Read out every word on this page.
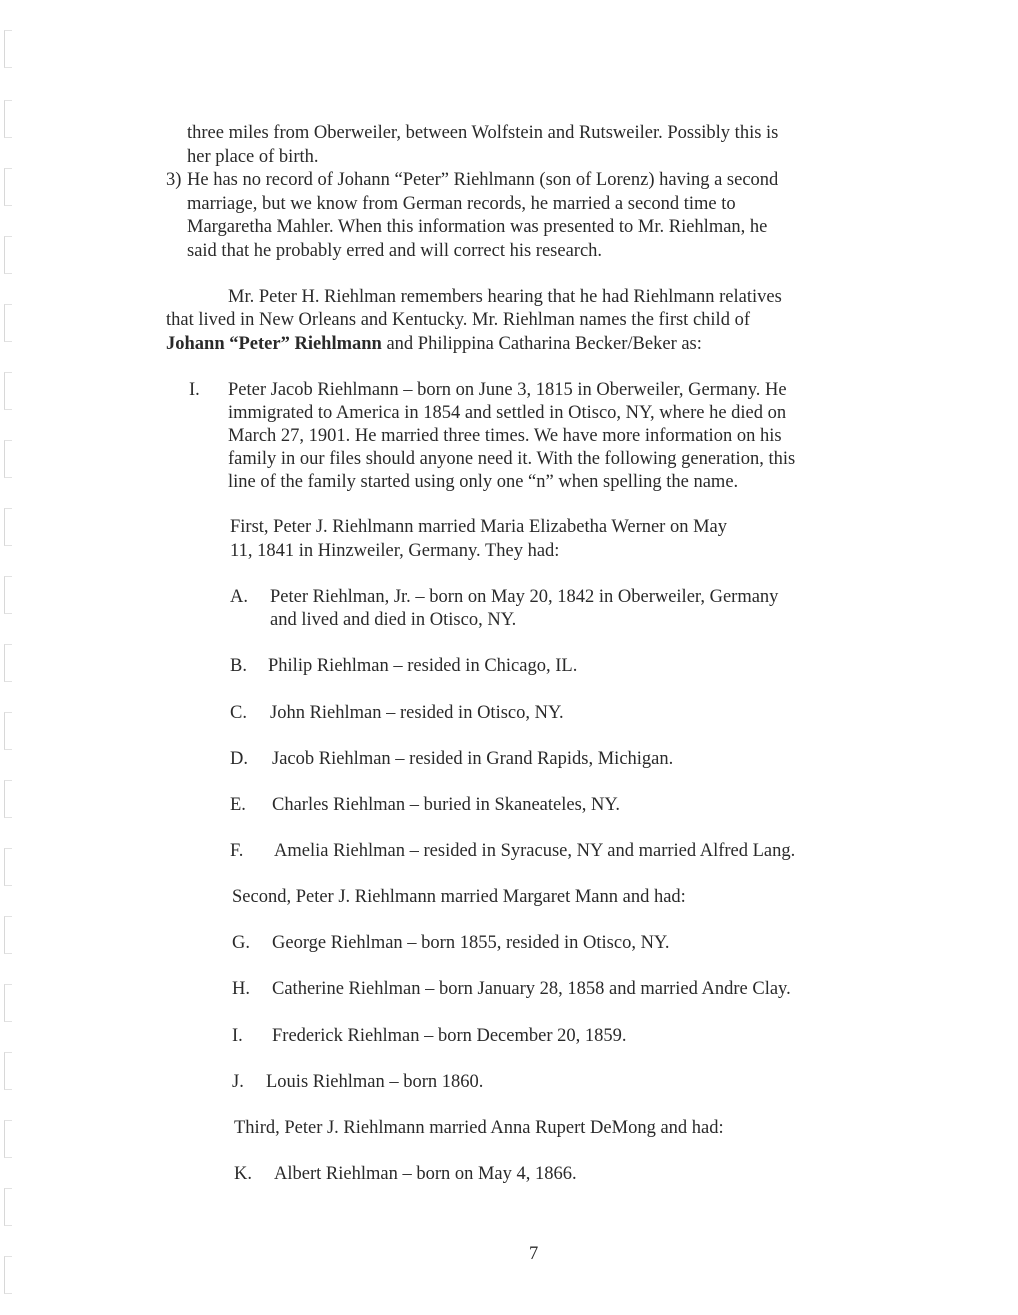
three miles from Oberweiler, between Wolfstein and Rutsweiler. Possibly this is
her place of birth.
3) He has no record of Johann “Peter” Riehlmann (son of Lorenz) having a second
marriage, but we know from German records, he married a second time to
Margaretha Mahler. When this information was presented to Mr. Riehlman, he
said that he probably erred and will correct his research.
Mr. Peter H. Riehlman remembers hearing that he had Riehlmann relatives
that lived in New Orleans and Kentucky. Mr. Riehlman names the first child of
Johann “Peter” Riehlmann and Philippina Catharina Becker/Beker as:
I. Peter Jacob Riehlmann – born on June 3, 1815 in Oberweiler, Germany. He
immigrated to America in 1854 and settled in Otisco, NY, where he died on
March 27, 1901. He married three times. We have more information on his
family in our files should anyone need it. With the following generation, this
line of the family started using only one “n” when spelling the name.
First, Peter J. Riehlmann married Maria Elizabetha Werner on May
11, 1841 in Hinzweiler, Germany. They had:
A. Peter Riehlman, Jr. – born on May 20, 1842 in Oberweiler, Germany
and lived and died in Otisco, NY.
B. Philip Riehlman – resided in Chicago, IL.
C. John Riehlman – resided in Otisco, NY.
D. Jacob Riehlman – resided in Grand Rapids, Michigan.
E. Charles Riehlman – buried in Skaneateles, NY.
F. Amelia Riehlman – resided in Syracuse, NY and married Alfred Lang.
Second, Peter J. Riehlmann married Margaret Mann and had:
G. George Riehlman – born 1855, resided in Otisco, NY.
H. Catherine Riehlman – born January 28, 1858 and married Andre Clay.
I. Frederick Riehlman – born December 20, 1859.
J. Louis Riehlman – born 1860.
Third, Peter J. Riehlmann married Anna Rupert DeMong and had:
K. Albert Riehlman – born on May 4, 1866.
7
